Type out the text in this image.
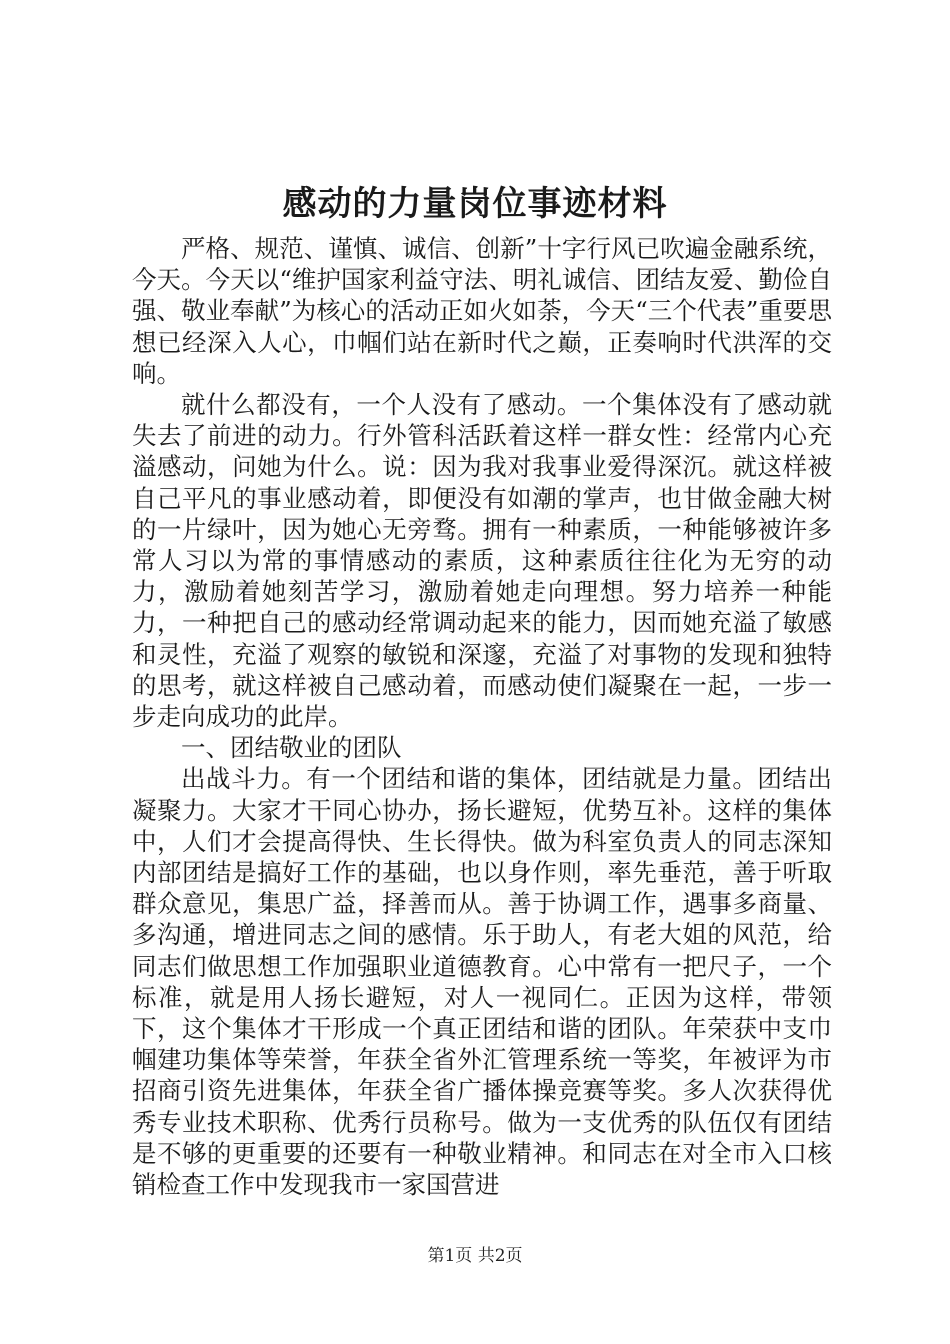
感动的力量岗位事迹材料

严格、规范、谨慎、诚信、创新”十字行风已吹遍金融系统，今天。今天以“维护国家利益守法、明礼诚信、团结友爱、勤俭自强、敬业奉献”为核心的活动正如火如荼，今天“三个代表”重要思想已经深入人心，巾帼们站在新时代之巅，正奏响时代洪浑的交响。

就什么都没有，一个人没有了感动。一个集体没有了感动就失去了前进的动力。行外管科活跃着这样一群女性：经常内心充溢感动，问她为什么。说：因为我对我事业爱得深沉。就这样被自己平凡的事业感动着，即便没有如潮的掌声，也甘做金融大树的一片绿叶，因为她心无旁骛。拥有一种素质，一种能够被许多常人习以为常的事情感动的素质，这种素质往往化为无穷的动力，激励着她刻苦学习，激励着她走向理想。努力培养一种能力，一种把自己的感动经常调动起来的能力，因而她充溢了敏感和灵性，充溢了观察的敏锐和深邃，充溢了对事物的发现和独特的思考，就这样被自己感动着，而感动使们凝聚在一起，一步一步走向成功的此岸。

一、团结敬业的团队

出战斗力。有一个团结和谐的集体，团结就是力量。团结出凝聚力。大家才干同心协办，扬长避短，优势互补。这样的集体中，人们才会提高得快、生长得快。做为科室负责人的同志深知内部团结是搞好工作的基础，也以身作则，率先垂范，善于听取群众意见，集思广益，择善而从。善于协调工作，遇事多商量、多沟通，增进同志之间的感情。乐于助人，有老大姐的风范，给同志们做思想工作加强职业道德教育。心中常有一把尺子，一个标准，就是用人扬长避短，对人一视同仁。正因为这样，带领下，这个集体才干形成一个真正团结和谐的团队。年荣获中支巾帼建功集体等荣誉，年获全省外汇管理系统一等奖，年被评为市招商引资先进集体，年获全省广播体操竞赛等奖。多人次获得优秀专业技术职称、优秀行员称号。做为一支优秀的队伍仅有团结是不够的更重要的还要有一种敬业精神。和同志在对全市入口核销检查工作中发现我市一家国营进

第1页 共2页
